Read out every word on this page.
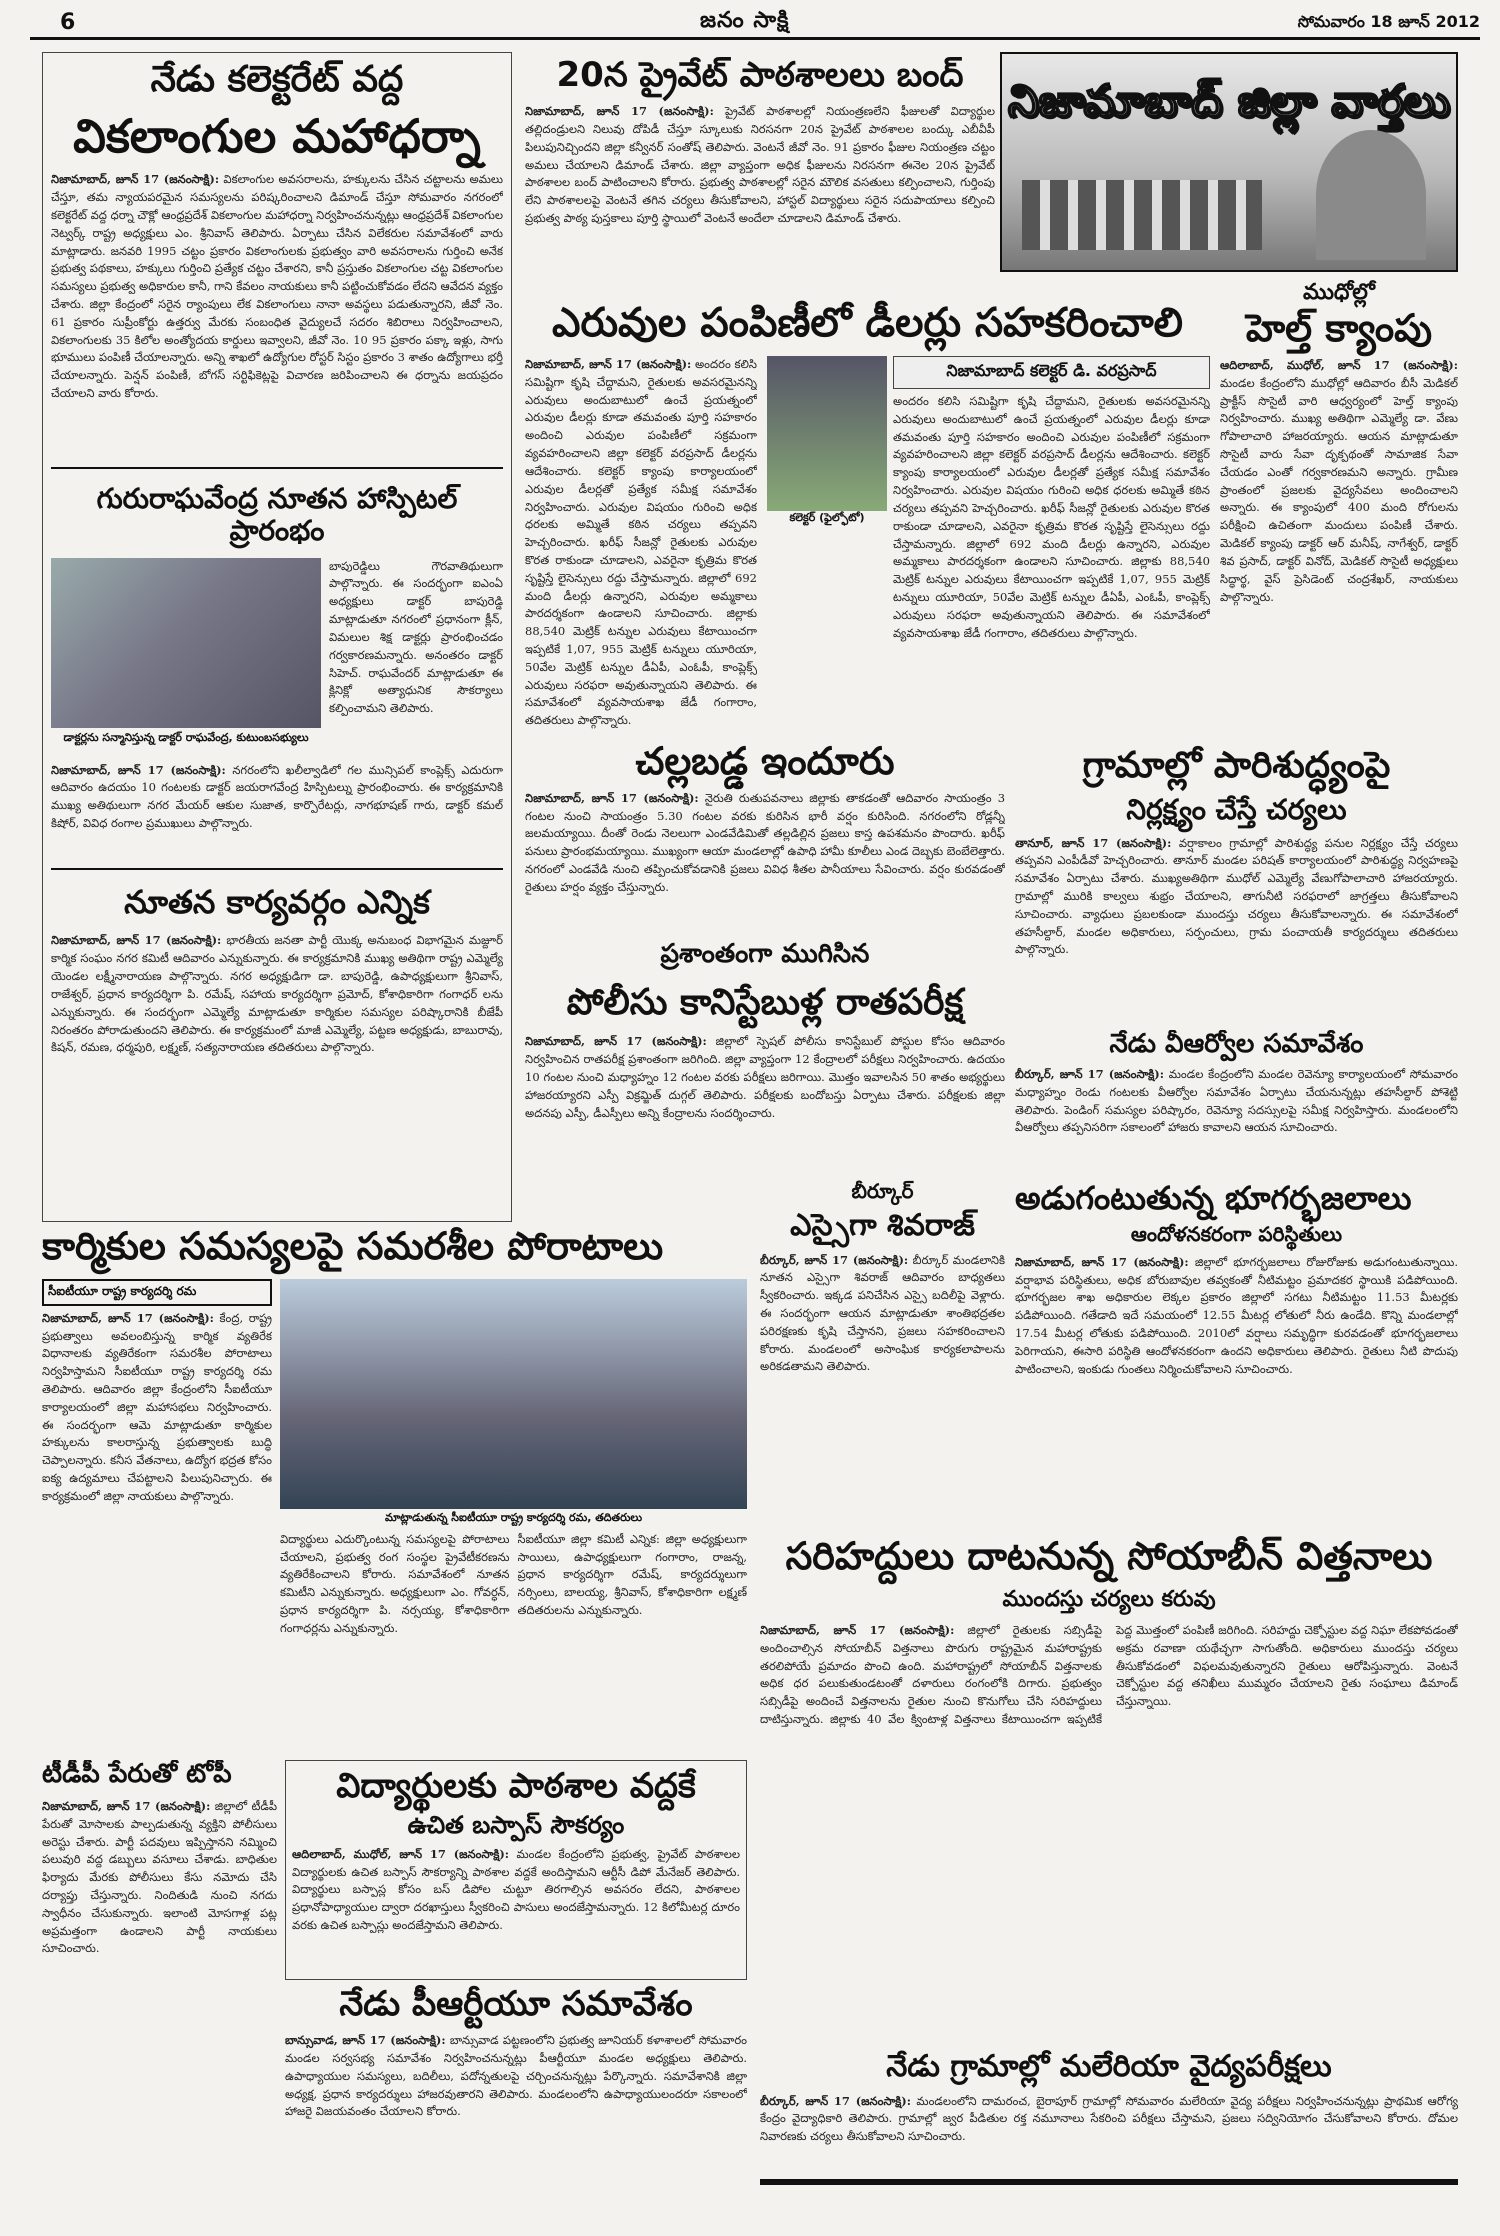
6	జనం సాక్షి	సోమవారం 18 జూన్ 2012
నేడు కలెక్టరేట్ వద్ద
వికలాంగుల మహాధర్నా
నిజామాబాద్, జూన్ 17 (జనంసాక్షి): వికలాంగుల అవసరాలను, హక్కులను చేసిన చట్టాలను అమలు చేస్తూ, తమ న్యాయపరమైన సమస్యలను పరిష్కరించాలని డిమాండ్ చేస్తూ సోమవారం నగరంలో కలెక్టరేట్ వద్ద ధర్నా చౌక్లో ఆంధ్రప్రదేశ్ వికలాంగుల మహాధర్నా నిర్వహించనున్నట్లు ఆంధ్రప్రదేశ్ వికలాంగుల నెట్వర్క్ రాష్ట్ర అధ్యక్షులు ఎం. శ్రీనివాస్ తెలిపారు. ఏర్పాటు చేసిన విలేకరుల సమావేశంలో వారు మాట్లాడారు. జనవరి 1995 చట్టం ప్రకారం వికలాంగులకు ప్రభుత్వం వారి అవసరాలను గుర్తించి అనేక ప్రభుత్వ పథకాలు, హక్కులు గుర్తించి ప్రత్యేక చట్టం చేశారని, కానీ ప్రస్తుతం వికలాంగుల చట్ట వికలాంగుల సమస్యలు ప్రభుత్వ అధికారుల కానీ, గాని కేవలం నాయకులు కానీ పట్టించుకోవడం లేదని ఆవేదన వ్యక్తం చేశారు. జిల్లా కేంద్రంలో సరైన ర్యాంపులు లేక వికలాంగులు నానా అవస్థలు పడుతున్నారని, జీవో నెం. 61 ప్రకారం సుప్రీంకోర్టు ఉత్తర్వు మేరకు సంబంధిత వైద్యులచే సదరం శిబిరాలు నిర్వహించాలని, వికలాంగులకు 35 కిలోల అంత్యోదయ కార్డులు ఇవ్వాలని, జీవో నెం. 10 95 ప్రకారం పక్కా ఇళ్లు, సాగు భూములు పంపిణీ చేయాలన్నారు. అన్ని శాఖలో ఉద్యోగుల రోస్టర్ సిస్టం ప్రకారం 3 శాతం ఉద్యోగాలు భర్తీ చేయాలన్నారు. పెన్షన్ పంపిణీ, బోగస్ సర్టిఫికెట్లపై విచారణ జరిపించాలని ఈ ధర్నాను జయప్రదం చేయాలని వారు కోరారు.
గురురాఘవేంద్ర నూతన హాస్పిటల్ ప్రారంభం
డాక్టర్లను సన్మానిస్తున్న డాక్టర్ రాఘవేంద్ర, కుటుంబసభ్యులు
బాపురెడ్డిలు గౌరవాతిథులుగా పాల్గొన్నారు. ఈ సందర్భంగా ఐఎంఏ అధ్యక్షులు డాక్టర్ బాపురెడ్డి మాట్లాడుతూ నగరంలో ప్రధానంగా క్లీన్, విమలుల శిక్ష డాక్టర్లు ప్రారంభించడం గర్వకారణమన్నారు. అనంతరం డాక్టర్ సిహెచ్. రాఘవేందర్ మాట్లాడుతూ ఈ క్లినిక్లో అత్యాధునిక సౌకర్యాలు కల్పించామని తెలిపారు.
నిజామాబాద్, జూన్ 17 (జనంసాక్షి): నగరంలోని ఖలీల్వాడిలో గల మున్సిపల్ కాంప్లెక్స్ ఎదురుగా ఆదివారం ఉదయం 10 గంటలకు డాక్టర్ జయరాగవేంద్ర హిస్పిటల్ను ప్రారంభించారు. ఈ కార్యక్రమానికి ముఖ్య అతిథులుగా నగర మేయర్ ఆకుల సుజాత, కార్పొరేటర్లు, నాగభూషణ్ గారు, డాక్టర్ కమల్ కిషోర్, వివిధ రంగాల ప్రముఖులు పాల్గొన్నారు.
నూతన కార్యవర్గం ఎన్నిక
నిజామాబాద్, జూన్ 17 (జనంసాక్షి): భారతీయ జనతా పార్టీ యొక్క అనుబంధ విభాగమైన మజ్దూర్ కార్మిక సంఘం నగర కమిటీ ఆదివారం ఎన్నుకున్నారు. ఈ కార్యక్రమానికి ముఖ్య అతిథిగా రాష్ట్ర ఎమ్మెల్యే యెండల లక్ష్మీనారాయణ పాల్గొన్నారు. నగర అధ్యక్షుడిగా డా. బాపురెడ్డి, ఉపాధ్యక్షులుగా శ్రీనివాస్, రాజేశ్వర్, ప్రధాన కార్యదర్శిగా పి. రమేష్, సహాయ కార్యదర్శిగా ప్రమోద్, కోశాధికారిగా గంగాధర్ లను ఎన్నుకున్నారు. ఈ సందర్భంగా ఎమ్మెల్యే మాట్లాడుతూ కార్మికుల సమస్యల పరిష్కారానికి బీజేపీ నిరంతరం పోరాడుతుందని తెలిపారు. ఈ కార్యక్రమంలో మాజీ ఎమ్మెల్యే, పట్టణ అధ్యక్షుడు, బాబురావు, కిషన్, రమణ, ధర్మపురి, లక్ష్మణ్, సత్యనారాయణ తదితరులు పాల్గొన్నారు.
20న ప్రైవేట్ పాఠశాలలు బంద్
నిజామాబాద్, జూన్ 17 (జనంసాక్షి): ప్రైవేట్ పాఠశాలల్లో నియంత్రణలేని ఫీజులతో విద్యార్థుల తల్లిదండ్రులని నిలువు దోపిడీ చేస్తూ స్కూలుకు నిరసనగా 20న ప్రైవేట్ పాఠశాలల బంద్కు ఎబీవీపీ పిలుపునిచ్చిందని జిల్లా కన్వీనర్ సంతోష్ తెలిపారు. వెంటనే జీవో నెం. 91 ప్రకారం ఫీజుల నియంత్రణ చట్టం అమలు చేయాలని డిమాండ్ చేశారు. జిల్లా వ్యాప్తంగా అధిక ఫీజులను నిరసనగా ఈనెల 20న ప్రైవేట్ పాఠశాలల బంద్ పాటించాలని కోరారు. ప్రభుత్వ పాఠశాలల్లో సరైన మౌలిక వసతులు కల్పించాలని, గుర్తింపు లేని పాఠశాలలపై వెంటనే తగిన చర్యలు తీసుకోవాలని, హాస్టల్ విద్యార్థులు సరైన సదుపాయాలు కల్పించి ప్రభుత్వ పాఠ్య పుస్తకాలు పూర్తి స్థాయిలో వెంటనే అందేలా చూడాలని డిమాండ్ చేశారు.
నిజామాబాద్ జిల్లా వార్తలు
ఎరువుల పంపిణీలో డీలర్లు సహకరించాలి
నిజామాబాద్, జూన్ 17 (జనంసాక్షి): అందరం కలిసి సమిష్టిగా కృషి చేద్దామని, రైతులకు అవసరమైనన్ని ఎరువులు అందుబాటులో ఉంచే ప్రయత్నంలో ఎరువుల డీలర్లు కూడా తమవంతు పూర్తి సహకారం అందించి ఎరువుల పంపిణీలో సక్రమంగా వ్యవహరించాలని జిల్లా కలెక్టర్ వరప్రసాద్ డీలర్లను ఆదేశించారు. కలెక్టర్ క్యాంపు కార్యాలయంలో ఎరువుల డీలర్లతో ప్రత్యేక సమీక్ష సమావేశం నిర్వహించారు. ఎరువుల విషయం గురించి అధిక ధరలకు అమ్మితే కఠిన చర్యలు తప్పవని హెచ్చరించారు. ఖరీఫ్ సీజన్లో రైతులకు ఎరువుల కొరత రాకుండా చూడాలని, ఎవరైనా కృత్రిమ కొరత సృష్టిస్తే లైసెన్సులు రద్దు చేస్తామన్నారు. జిల్లాలో 692 మంది డీలర్లు ఉన్నారని, ఎరువుల అమ్మకాలు పారదర్శకంగా ఉండాలని సూచించారు. జిల్లాకు 88,540 మెట్రిక్ టన్నుల ఎరువులు కేటాయించగా ఇప్పటికే 1,07, 955 మెట్రిక్ టన్నులు యూరియా, 50వేల మెట్రిక్ టన్నుల డీఏపీ, ఎంఓపీ, కాంప్లెక్స్ ఎరువులు సరఫరా అవుతున్నాయని తెలిపారు. ఈ సమావేశంలో వ్యవసాయశాఖ జేడీ గంగారాం, తదితరులు పాల్గొన్నారు.
కలెక్టర్ (ఫైల్ఫోటో)
నిజామాబాద్ కలెక్టర్ డి. వరప్రసాద్
అందరం కలిసి సమిష్టిగా కృషి చేద్దామని, రైతులకు అవసరమైనన్ని ఎరువులు అందుబాటులో ఉంచే ప్రయత్నంలో ఎరువుల డీలర్లు కూడా తమవంతు పూర్తి సహకారం అందించి ఎరువుల పంపిణీలో సక్రమంగా వ్యవహరించాలని జిల్లా కలెక్టర్ వరప్రసాద్ డీలర్లను ఆదేశించారు. కలెక్టర్ క్యాంపు కార్యాలయంలో ఎరువుల డీలర్లతో ప్రత్యేక సమీక్ష సమావేశం నిర్వహించారు. ఎరువుల విషయం గురించి అధిక ధరలకు అమ్మితే కఠిన చర్యలు తప్పవని హెచ్చరించారు. ఖరీఫ్ సీజన్లో రైతులకు ఎరువుల కొరత రాకుండా చూడాలని, ఎవరైనా కృత్రిమ కొరత సృష్టిస్తే లైసెన్సులు రద్దు చేస్తామన్నారు. జిల్లాలో 692 మంది డీలర్లు ఉన్నారని, ఎరువుల అమ్మకాలు పారదర్శకంగా ఉండాలని సూచించారు. జిల్లాకు 88,540 మెట్రిక్ టన్నుల ఎరువులు కేటాయించగా ఇప్పటికే 1,07, 955 మెట్రిక్ టన్నులు యూరియా, 50వేల మెట్రిక్ టన్నుల డీఏపీ, ఎంఓపీ, కాంప్లెక్స్ ఎరువులు సరఫరా అవుతున్నాయని తెలిపారు. ఈ సమావేశంలో వ్యవసాయశాఖ జేడీ గంగారాం, తదితరులు పాల్గొన్నారు.
ముధోల్లో
హెల్త్ క్యాంపు
ఆదిలాబాద్, ముధోల్, జూన్ 17 (జనంసాక్షి): మండల కేంద్రంలోని ముధోల్లో ఆదివారం బీసీ మెడికల్ ప్రాక్టీస్ సొసైటీ వారి ఆధ్వర్యంలో హెల్త్ క్యాంపు నిర్వహించారు. ముఖ్య అతిథిగా ఎమ్మెల్యే డా. వేణు గోపాలాచారి హాజరయ్యారు. ఆయన మాట్లాడుతూ సొసైటీ వారు సేవా దృక్పథంతో సామాజిక సేవా చేయడం ఎంతో గర్వకారణమని అన్నారు. గ్రామీణ ప్రాంతంలో ప్రజలకు వైద్యసేవలు అందించాలని అన్నారు. ఈ క్యాంపులో 400 మంది రోగులను పరీక్షించి ఉచితంగా మందులు పంపిణీ చేశారు. మెడికల్ క్యాంపు డాక్టర్ ఆర్ మనీష్, నాగేశ్వర్, డాక్టర్ శివ ప్రసాద్, డాక్టర్ వినోద్, మెడికల్ సొసైటీ అధ్యక్షులు సిద్ధార్థ, వైస్ ప్రెసిడెంట్ చంద్రశేఖర్, నాయకులు పాల్గొన్నారు.
చల్లబడ్డ ఇందూరు
నిజామాబాద్, జూన్ 17 (జనంసాక్షి): నైరుతి రుతుపవనాలు జిల్లాకు తాకడంతో ఆదివారం సాయంత్రం 3 గంటల నుంచి సాయంత్రం 5.30 గంటల వరకు కురిసిన భారీ వర్షం కురిసింది. నగరంలోని రోడ్లన్నీ జలమయ్యాయి. దీంతో రెండు నెలలుగా ఎండవేడిమితో తల్లడిల్లిన ప్రజలు కాస్త ఉపశమనం పొందారు. ఖరీఫ్ పనులు ప్రారంభమయ్యాయి. ముఖ్యంగా ఆయా మండలాల్లో ఉపాధి హామీ కూలీలు ఎండ దెబ్బకు బెంబేలెత్తారు. నగరంలో ఎండవేడి నుంచి తప్పించుకోవడానికి ప్రజలు వివిధ శీతల పానీయాలు సేవించారు. వర్షం కురవడంతో రైతులు హర్షం వ్యక్తం చేస్తున్నారు.
ప్రశాంతంగా ముగిసిన
పోలీసు కానిస్టేబుళ్ల రాతపరీక్ష
నిజామాబాద్, జూన్ 17 (జనంసాక్షి): జిల్లాలో స్పెషల్ పోలీసు కానిస్టేబుల్ పోస్టుల కోసం ఆదివారం నిర్వహించిన రాతపరీక్ష ప్రశాంతంగా జరిగింది. జిల్లా వ్యాప్తంగా 12 కేంద్రాలలో పరీక్షలు నిర్వహించారు. ఉదయం 10 గంటల నుంచి మధ్యాహ్నం 12 గంటల వరకు పరీక్షలు జరిగాయి. మొత్తం ఇవాలసిన 50 శాతం అభ్యర్థులు హాజరయ్యారని ఎస్పీ విక్రమ్జిత్ దుగ్గల్ తెలిపారు. పరీక్షలకు బందోబస్తు ఏర్పాటు చేశారు. పరీక్షలకు జిల్లా అదనపు ఎస్పీ, డీఎస్పీలు అన్ని కేంద్రాలను సందర్శించారు.
గ్రామాల్లో పారిశుద్ధ్యంపై
నిర్లక్ష్యం చేస్తే చర్యలు
తానూర్, జూన్ 17 (జనంసాక్షి): వర్షాకాలం గ్రామాల్లో పారిశుద్ధ్య పనుల నిర్లక్ష్యం చేస్తే చర్యలు తప్పవని ఎంపీడీవో హెచ్చరించారు. తానూర్ మండల పరిషత్ కార్యాలయంలో పారిశుద్ధ్య నిర్వహణపై సమావేశం ఏర్పాటు చేశారు. ముఖ్యఅతిథిగా ముధోల్ ఎమ్మెల్యే వేణుగోపాలాచారి హాజరయ్యారు. గ్రామాల్లో మురికి కాల్వలు శుభ్రం చేయాలని, తాగునీటి సరఫరాలో జాగ్రత్తలు తీసుకోవాలని సూచించారు. వ్యాధులు ప్రబలకుండా ముందస్తు చర్యలు తీసుకోవాలన్నారు. ఈ సమావేశంలో తహసీల్దార్, మండల అధికారులు, సర్పంచులు, గ్రామ పంచాయతీ కార్యదర్శులు తదితరులు పాల్గొన్నారు.
నేడు వీఆర్వోల సమావేశం
బీర్కూర్, జూన్ 17 (జనంసాక్షి): మండల కేంద్రంలోని మండల రెవెన్యూ కార్యాలయంలో సోమవారం మధ్యాహ్నం రెండు గంటలకు వీఆర్వోల సమావేశం ఏర్పాటు చేయనున్నట్లు తహసీల్దార్ పోశెట్టి తెలిపారు. పెండింగ్ సమస్యల పరిష్కారం, రెవెన్యూ సదస్సులపై సమీక్ష నిర్వహిస్తారు. మండలంలోని వీఆర్వోలు తప్పనిసరిగా సకాలంలో హాజరు కావాలని ఆయన సూచించారు.
కార్మికుల సమస్యలపై సమరశీల పోరాటాలు
సీఐటీయూ రాష్ట్ర కార్యదర్శి రమ
నిజామాబాద్, జూన్ 17 (జనంసాక్షి): కేంద్ర, రాష్ట్ర ప్రభుత్వాలు అవలంబిస్తున్న కార్మిక వ్యతిరేక విధానాలకు వ్యతిరేకంగా సమరశీల పోరాటాలు నిర్వహిస్తామని సీఐటీయూ రాష్ట్ర కార్యదర్శి రమ తెలిపారు. ఆదివారం జిల్లా కేంద్రంలోని సీఐటీయూ కార్యాలయంలో జిల్లా మహాసభలు నిర్వహించారు. ఈ సందర్భంగా ఆమె మాట్లాడుతూ కార్మికుల హక్కులను కాలరాస్తున్న ప్రభుత్వాలకు బుద్ధి చెప్పాలన్నారు. కనీస వేతనాలు, ఉద్యోగ భద్రత కోసం ఐక్య ఉద్యమాలు చేపట్టాలని పిలుపునిచ్చారు. ఈ కార్యక్రమంలో జిల్లా నాయకులు పాల్గొన్నారు.
మాట్లాడుతున్న సీఐటీయూ రాష్ట్ర కార్యదర్శి రమ, తదితరులు
విద్యార్థులు ఎదుర్కొంటున్న సమస్యలపై పోరాటాలు చేయాలని, ప్రభుత్వ రంగ సంస్థల ప్రైవేటీకరణను వ్యతిరేకించాలని కోరారు. సమావేశంలో నూతన కమిటీని ఎన్నుకున్నారు. అధ్యక్షులుగా ఎం. గోవర్ధన్, ప్రధాన కార్యదర్శిగా పి. నర్సయ్య, కోశాధికారిగా గంగాధర్లను ఎన్నుకున్నారు.
సీఐటీయూ జిల్లా కమిటీ ఎన్నిక: జిల్లా అధ్యక్షులుగా సాయిలు, ఉపాధ్యక్షులుగా గంగారాం, రాజన్న, ప్రధాన కార్యదర్శిగా రమేష్, కార్యదర్శులుగా నర్సింలు, బాలయ్య, శ్రీనివాస్, కోశాధికారిగా లక్ష్మణ్ తదితరులను ఎన్నుకున్నారు.
బీర్కూర్
ఎస్సైగా శివరాజ్
బీర్కూర్, జూన్ 17 (జనంసాక్షి): బీర్కూర్ మండలానికి నూతన ఎస్సైగా శివరాజ్ ఆదివారం బాధ్యతలు స్వీకరించారు. ఇక్కడ పనిచేసిన ఎస్సై బదిలీపై వెళ్లారు. ఈ సందర్భంగా ఆయన మాట్లాడుతూ శాంతిభద్రతల పరిరక్షణకు కృషి చేస్తానని, ప్రజలు సహకరించాలని కోరారు. మండలంలో అసాంఘిక కార్యకలాపాలను అరికడతామని తెలిపారు.
అడుగంటుతున్న భూగర్భజలాలు
ఆందోళనకరంగా పరిస్థితులు
నిజామాబాద్, జూన్ 17 (జనంసాక్షి): జిల్లాలో భూగర్భజలాలు రోజురోజుకు అడుగంటుతున్నాయి. వర్షాభావ పరిస్థితులు, అధిక బోరుబావుల తవ్వకంతో నీటిమట్టం ప్రమాదకర స్థాయికి పడిపోయింది. భూగర్భజల శాఖ అధికారుల లెక్కల ప్రకారం జిల్లాలో సగటు నీటిమట్టం 11.53 మీటర్లకు పడిపోయింది. గతేడాది ఇదే సమయంలో 12.55 మీటర్ల లోతులో నీరు ఉండేది. కొన్ని మండలాల్లో 17.54 మీటర్ల లోతుకు పడిపోయింది. 2010లో వర్షాలు సమృద్ధిగా కురవడంతో భూగర్భజలాలు పెరిగాయని, ఈసారి పరిస్థితి ఆందోళనకరంగా ఉందని అధికారులు తెలిపారు. రైతులు నీటి పొదుపు పాటించాలని, ఇంకుడు గుంతలు నిర్మించుకోవాలని సూచించారు.
సరిహద్దులు దాటనున్న సోయాబీన్ విత్తనాలు
ముందస్తు చర్యలు కరువు
నిజామాబాద్, జూన్ 17 (జనంసాక్షి): జిల్లాలో రైతులకు సబ్సిడీపై అందించాల్సిన సోయాబీన్ విత్తనాలు పొరుగు రాష్ట్రమైన మహారాష్ట్రకు తరలిపోయే ప్రమాదం పొంచి ఉంది. మహారాష్ట్రలో సోయాబీన్ విత్తనాలకు అధిక ధర పలుకుతుండటంతో దళారులు రంగంలోకి దిగారు. ప్రభుత్వం సబ్సిడీపై అందించే విత్తనాలను రైతుల నుంచి కొనుగోలు చేసి సరిహద్దులు దాటిస్తున్నారు. జిల్లాకు 40 వేల క్వింటాళ్ల విత్తనాలు కేటాయించగా ఇప్పటికే పెద్ద మొత్తంలో పంపిణీ జరిగింది. సరిహద్దు చెక్పోస్టుల వద్ద నిఘా లేకపోవడంతో అక్రమ రవాణా యథేచ్ఛగా సాగుతోంది. అధికారులు ముందస్తు చర్యలు తీసుకోవడంలో విఫలమవుతున్నారని రైతులు ఆరోపిస్తున్నారు. వెంటనే చెక్పోస్టుల వద్ద తనిఖీలు ముమ్మరం చేయాలని రైతు సంఘాలు డిమాండ్ చేస్తున్నాయి.
టీడీపీ పేరుతో టోపీ
నిజామాబాద్, జూన్ 17 (జనంసాక్షి): జిల్లాలో టీడీపీ పేరుతో మోసాలకు పాల్పడుతున్న వ్యక్తిని పోలీసులు అరెస్టు చేశారు. పార్టీ పదవులు ఇప్పిస్తానని నమ్మించి పలువురి వద్ద డబ్బులు వసూలు చేశాడు. బాధితుల ఫిర్యాదు మేరకు పోలీసులు కేసు నమోదు చేసి దర్యాప్తు చేస్తున్నారు. నిందితుడి నుంచి నగదు స్వాధీనం చేసుకున్నారు. ఇలాంటి మోసగాళ్ల పట్ల అప్రమత్తంగా ఉండాలని పార్టీ నాయకులు సూచించారు.
విద్యార్థులకు పాఠశాల వద్దకే
ఉచిత బస్పాస్ సౌకర్యం
ఆదిలాబాద్, ముధోల్, జూన్ 17 (జనంసాక్షి): మండల కేంద్రంలోని ప్రభుత్వ, ప్రైవేట్ పాఠశాలల విద్యార్థులకు ఉచిత బస్పాస్ సౌకర్యాన్ని పాఠశాల వద్దకే అందిస్తామని ఆర్టీసీ డిపో మేనేజర్ తెలిపారు. విద్యార్థులు బస్పాస్ల కోసం బస్ డిపోల చుట్టూ తిరగాల్సిన అవసరం లేదని, పాఠశాలల ప్రధానోపాధ్యాయుల ద్వారా దరఖాస్తులు స్వీకరించి పాసులు అందజేస్తామన్నారు. 12 కిలోమీటర్ల దూరం వరకు ఉచిత బస్పాస్లు అందజేస్తామని తెలిపారు.
నేడు పీఆర్టీయూ సమావేశం
బాన్సువాడ, జూన్ 17 (జనంసాక్షి): బాన్సువాడ పట్టణంలోని ప్రభుత్వ జూనియర్ కళాశాలలో సోమవారం మండల సర్వసభ్య సమావేశం నిర్వహించనున్నట్లు పీఆర్టీయూ మండల అధ్యక్షులు తెలిపారు. ఉపాధ్యాయుల సమస్యలు, బదిలీలు, పదోన్నతులపై చర్చించనున్నట్లు పేర్కొన్నారు. సమావేశానికి జిల్లా అధ్యక్ష, ప్రధాన కార్యదర్శులు హాజరవుతారని తెలిపారు. మండలంలోని ఉపాధ్యాయులందరూ సకాలంలో హాజరై విజయవంతం చేయాలని కోరారు.
నేడు గ్రామాల్లో మలేరియా వైద్యపరీక్షలు
బీర్కూర్, జూన్ 17 (జనంసాక్షి): మండలంలోని దామరంచ, బైరాపూర్ గ్రామాల్లో సోమవారం మలేరియా వైద్య పరీక్షలు నిర్వహించనున్నట్లు ప్రాథమిక ఆరోగ్య కేంద్రం వైద్యాధికారి తెలిపారు. గ్రామాల్లో జ్వర పీడితుల రక్త నమూనాలు సేకరించి పరీక్షలు చేస్తామని, ప్రజలు సద్వినియోగం చేసుకోవాలని కోరారు. దోమల నివారణకు చర్యలు తీసుకోవాలని సూచించారు.
